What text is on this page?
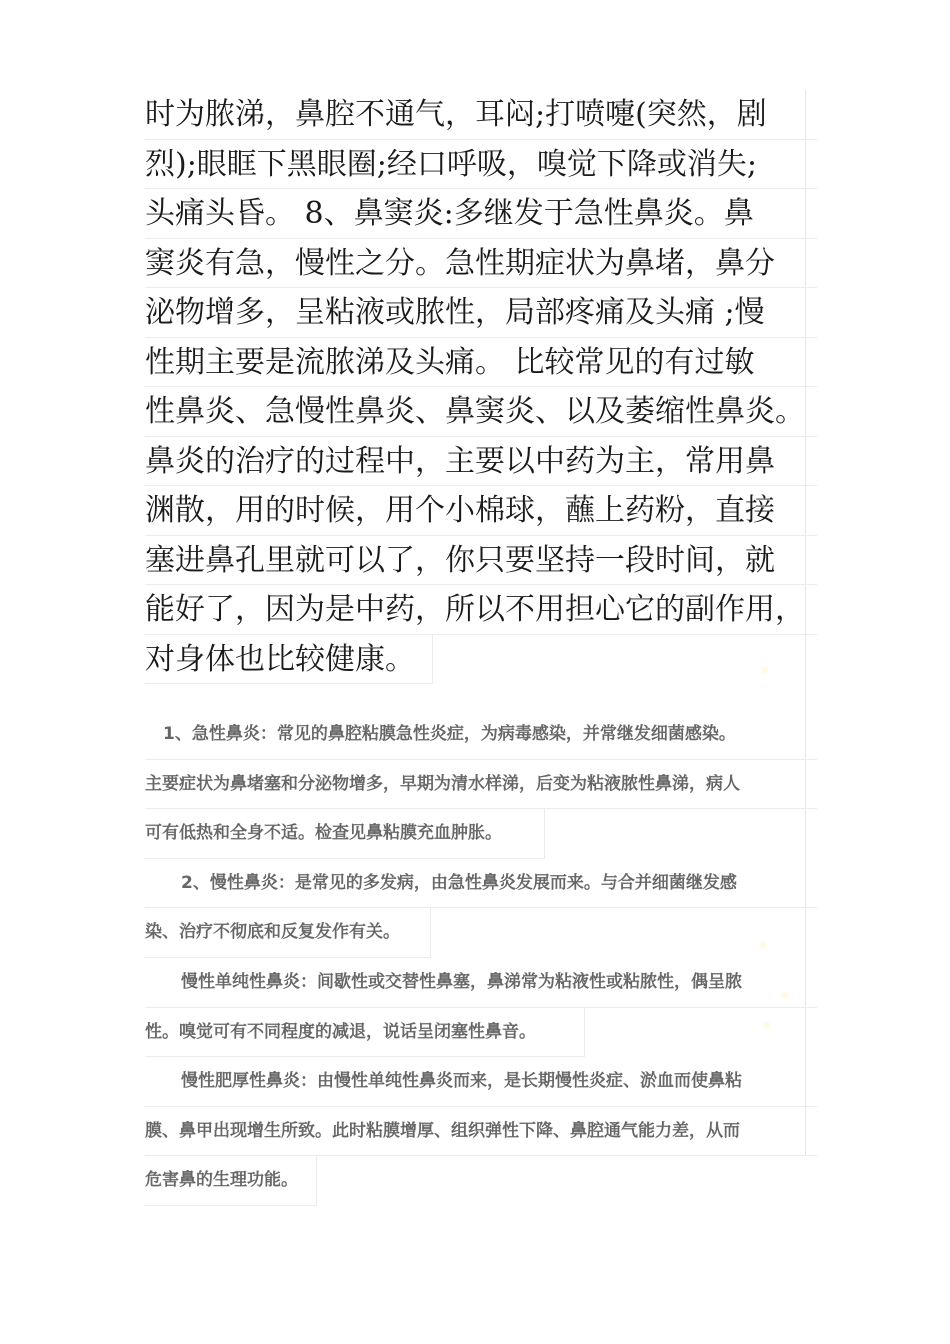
时为脓涕，鼻腔不通气，耳闷;打喷嚏(突然，剧
烈);眼眶下黑眼圈;经口呼吸，嗅觉下降或消失;
头痛头昏。 8、鼻窦炎:多继发于急性鼻炎。鼻
窦炎有急，慢性之分。急性期症状为鼻堵，鼻分
泌物增多，呈粘液或脓性，局部疼痛及头痛 ;慢
性期主要是流脓涕及头痛。 比较常见的有过敏
性鼻炎、急慢性鼻炎、鼻窦炎、以及萎缩性鼻炎。
鼻炎的治疗的过程中，主要以中药为主，常用鼻
渊散，用的时候，用个小棉球，蘸上药粉，直接
塞进鼻孔里就可以了，你只要坚持一段时间，就
能好了，因为是中药，所以不用担心它的副作用，
对身体也比较健康。
1、急性鼻炎：常见的鼻腔粘膜急性炎症，为病毒感染，并常继发细菌感染。
主要症状为鼻堵塞和分泌物增多，早期为清水样涕，后变为粘液脓性鼻涕，病人
可有低热和全身不适。检查见鼻粘膜充血肿胀。
2、慢性鼻炎：是常见的多发病，由急性鼻炎发展而来。与合并细菌继发感
染、治疗不彻底和反复发作有关。
慢性单纯性鼻炎：间歇性或交替性鼻塞，鼻涕常为粘液性或粘脓性，偶呈脓
性。嗅觉可有不同程度的减退，说话呈闭塞性鼻音。
慢性肥厚性鼻炎：由慢性单纯性鼻炎而来，是长期慢性炎症、淤血而使鼻粘
膜、鼻甲出现增生所致。此时粘膜增厚、组织弹性下降、鼻腔通气能力差，从而
危害鼻的生理功能。
